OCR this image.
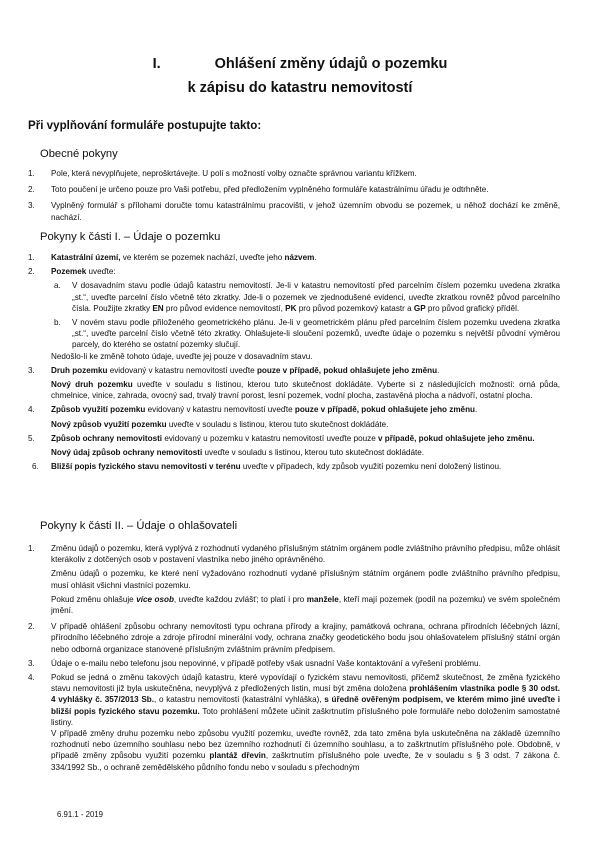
I.	Ohlášení změny údajů o pozemku
k zápisu do katastru nemovitostí
Při vyplňování formuláře postupujte takto:
Obecné pokyny
1. Pole, která nevyplňujete, neproškrtávejte. U polí s možností volby označte správnou variantu křížkem.
2. Toto poučení je určeno pouze pro Vaši potřebu, před předložením vyplněného formuláře katastrálnímu úřadu je odtrhněte.
3. Vyplněný formulář s přílohami doručte tomu katastrálnímu pracovišti, v jehož územním obvodu se pozemek, u něhož dochází ke změně, nachází.
Pokyny k části I. – Údaje o pozemku
1. Katastrální území, ve kterém se pozemek nachází, uveďte jeho názvem.
2. Pozemek uveďte:
a. V dosavadním stavu podle údajů katastru nemovitostí. Je-li v katastru nemovitostí před parcelním číslem pozemku uvedena zkratka „st.“, uveďte parcelní číslo včetně této zkratky. Jde-li o pozemek ve zjednodušené evidenci, uveďte zkratkou rovněž původ parcelního čísla. Použijte zkratky EN pro původ evidence nemovitostí, PK pro původ pozemkový katastr a GP pro původ grafický příděl.
b. V novém stavu podle přiloženého geometrického plánu. Je-li v geometrickém plánu před parcelním číslem pozemku uvedena zkratka „st.“, uveďte parcelní číslo včetně této zkratky. Ohlašujete-li sloučení pozemků, uveďte údaje o pozemku s největší původní výměrou parcely, do kterého se ostatní pozemky slučují.
Nedošlo-li ke změně tohoto údaje, uveďte jej pouze v dosavadním stavu.
3. Druh pozemku evidovaný v katastru nemovitostí uveďte pouze v případě, pokud ohlašujete jeho změnu.
Nový druh pozemku uveďte v souladu s listinou, kterou tuto skutečnost dokládáte. Vyberte si z následujících možností: orná půda, chmelnice, vinice, zahrada, ovocný sad, trvalý travní porost, lesní pozemek, vodní plocha, zastavěná plocha a nádvoří, ostatní plocha.
4. Způsob využití pozemku evidovaný v katastru nemovitostí uveďte pouze v případě, pokud ohlašujete jeho změnu.
Nový způsob využití pozemku uveďte v souladu s listinou, kterou tuto skutečnost dokládáte.
5. Způsob ochrany nemovitosti evidovaný u pozemku v katastru nemovitostí uveďte pouze v případě, pokud ohlašujete jeho změnu.
Nový údaj způsob ochrany nemovitosti uveďte v souladu s listinou, kterou tuto skutečnost dokládáte.
6. Bližší popis fyzického stavu nemovitosti v terénu uveďte v případech, kdy způsob využití pozemku není doložený listinou.
Pokyny k části II. – Údaje o ohlašovateli
1. Změnu údajů o pozemku, která vyplývá z rozhodnutí vydaného příslušným státním orgánem podle zvláštního právního předpisu, může ohlásit kterákoliv z dotčených osob v postavení vlastníka nebo jiného oprávněného.
Změnu údajů o pozemku, ke které není vyžadováno rozhodnutí vydané příslušným státním orgánem podle zvláštního právního předpisu, musí ohlásit všichni vlastníci pozemku.
Pokud změnu ohlašuje více osob, uveďte každou zvlášť; to platí i pro manžele, kteří mají pozemek (podíl na pozemku) ve svém společném jmění.
2. V případě ohlášení způsobu ochrany nemovitosti typu ochrana přírody a krajiny, památková ochrana, ochrana přírodních léčebných lázní, přírodního léčebného zdroje a zdroje přírodní minerální vody, ochrana značky geodetického bodu jsou ohlašovatelem příslušný státní orgán nebo odborná organizace stanovené příslušným zvláštním právním předpisem.
3. Údaje o e-mailu nebo telefonu jsou nepovinné, v případě potřeby však usnadní Vaše kontaktování a vyřešení problému.
4. Pokud se jedná o změnu takových údajů katastru, které vypovídají o fyzickém stavu nemovitosti, přičemž skutečnost, že změna fyzického stavu nemovitosti již byla uskutečněna, nevyplývá z předložených listin, musí být změna doložena prohlášením vlastníka podle § 30 odst. 4 vyhlášky č. 357/2013 Sb., o katastru nemovitostí (katastrální vyhláška), s úředně ověřeným podpisem, ve kterém mimo jiné uveďte i bližší popis fyzického stavu pozemku. Toto prohlášení můžete učinit zaškrtnutím příslušného pole formuláře nebo doložením samostatné listiny.
V případě změny druhu pozemku nebo způsobu využití pozemku, uveďte rovněž, zda tato změna byla uskutečněna na základě územního rozhodnutí nebo územního souhlasu nebo bez územního rozhodnutí či územního souhlasu, a to zaškrtnutím příslušného pole. Obdobně, v případě změny způsobu využití pozemku plantáž dřevin, zaškrtnutím příslušného pole uveďte, že v souladu s § 3 odst. 7 zákona č. 334/1992 Sb., o ochraně zemědělského půdního fondu nebo v souladu s přechodným
6.91.1 - 2019
